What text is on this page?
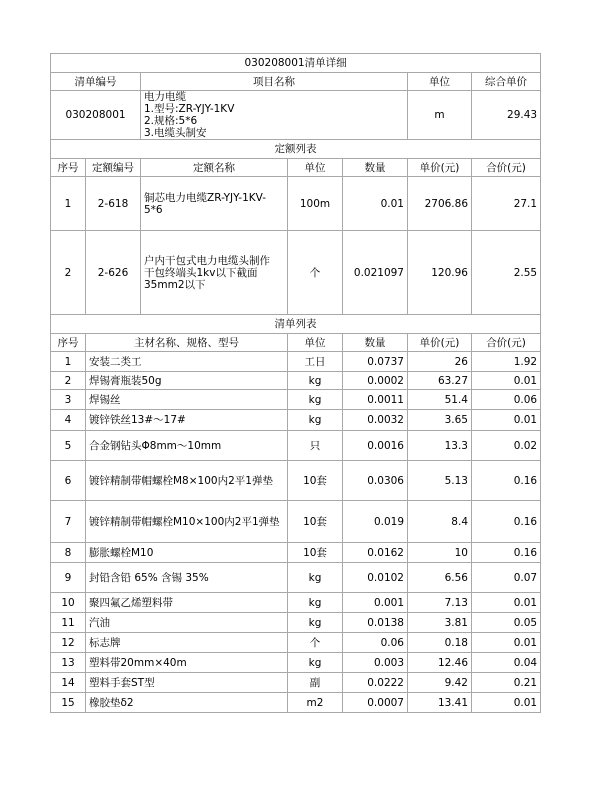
030208001清单详细						
清单编号		项目名称			单位	综合单价
030208001		电力电缆
1.型号:ZR-YJY-1KV
2.规格:5*6
3.电缆头制安			m	29.43
定额列表						
序号	定额编号	定额名称	单位	数量	单价(元)	合价(元)
1	2-618	铜芯电力电缆ZR-YJY-1KV-5*6	100m	0.01	2706.86	27.1
2	2-626	户内干包式电力电缆头制作
干包终端头1kv以下截面
35mm2以下	个	0.021097	120.96	2.55
清单列表						
序号	主材名称、规格、型号		单位	数量	单价(元)	合价(元)
1	安装二类工		工日	0.0737	26	1.92
2	焊锡膏瓶装50g		kg	0.0002	63.27	0.01
3	焊锡丝		kg	0.0011	51.4	0.06
4	镀锌铁丝13#～17#		kg	0.0032	3.65	0.01
5	合金钢钻头Φ8mm～10mm		只	0.0016	13.3	0.02
6	镀锌精制带帽螺栓M8×100内2平1弹垫		10套	0.0306	5.13	0.16
7	镀锌精制带帽螺栓M10×100内2平1弹垫		10套	0.019	8.4	0.16
8	膨胀螺栓M10		10套	0.0162	10	0.16
9	封铅含铅 65% 含锡 35%		kg	0.0102	6.56	0.07
10	聚四氟乙烯塑料带		kg	0.001	7.13	0.01
11	汽油		kg	0.0138	3.81	0.05
12	标志牌		个	0.06	0.18	0.01
13	塑料带20mm×40m		kg	0.003	12.46	0.04
14	塑料手套ST型		副	0.0222	9.42	0.21
15	橡胶垫δ2		m2	0.0007	13.41	0.01
